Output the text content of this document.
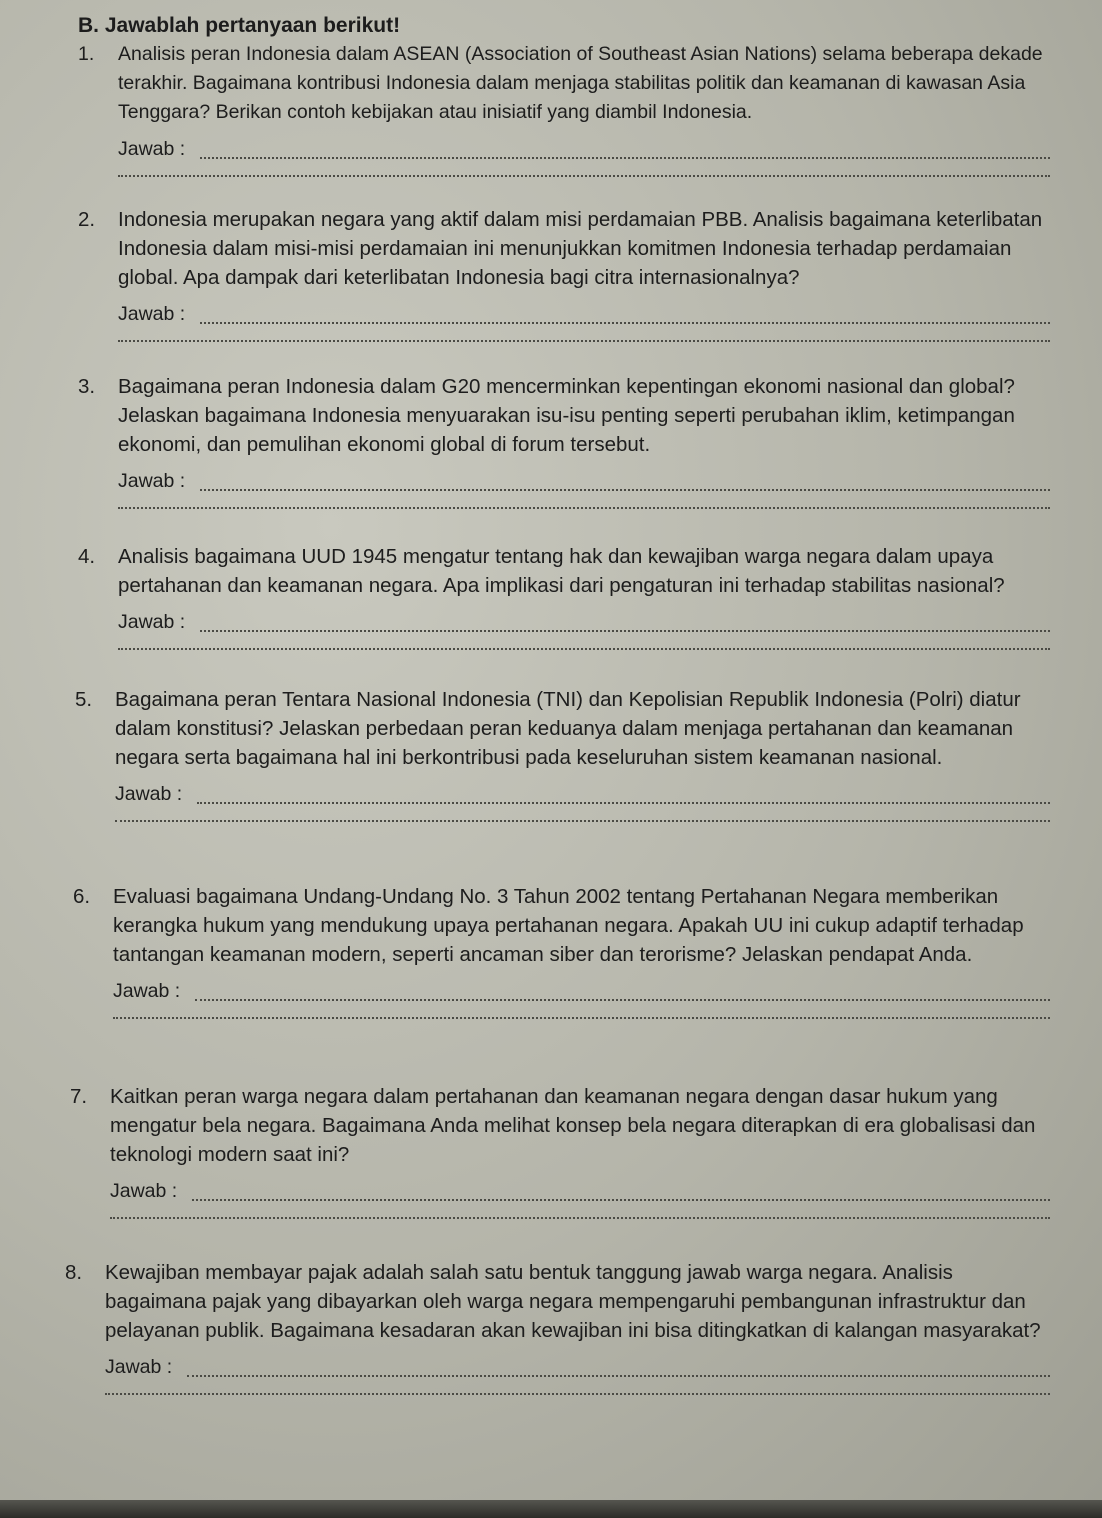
B. Jawablah pertanyaan berikut!

1. Analisis peran Indonesia dalam ASEAN (Association of Southeast Asian Nations) selama beberapa dekade terakhir. Bagaimana kontribusi Indonesia dalam menjaga stabilitas politik dan keamanan di kawasan Asia Tenggara? Berikan contoh kebijakan atau inisiatif yang diambil Indonesia.

Jawab :

2. Indonesia merupakan negara yang aktif dalam misi perdamaian PBB. Analisis bagaimana keterlibatan Indonesia dalam misi-misi perdamaian ini menunjukkan komitmen Indonesia terhadap perdamaian global. Apa dampak dari keterlibatan Indonesia bagi citra internasionalnya?

Jawab :

3. Bagaimana peran Indonesia dalam G20 mencerminkan kepentingan ekonomi nasional dan global? Jelaskan bagaimana Indonesia menyuarakan isu-isu penting seperti perubahan iklim, ketimpangan ekonomi, dan pemulihan ekonomi global di forum tersebut.

Jawab :

4. Analisis bagaimana UUD 1945 mengatur tentang hak dan kewajiban warga negara dalam upaya pertahanan dan keamanan negara. Apa implikasi dari pengaturan ini terhadap stabilitas nasional?

Jawab :

5. Bagaimana peran Tentara Nasional Indonesia (TNI) dan Kepolisian Republik Indonesia (Polri) diatur dalam konstitusi? Jelaskan perbedaan peran keduanya dalam menjaga pertahanan dan keamanan negara serta bagaimana hal ini berkontribusi pada keseluruhan sistem keamanan nasional.

Jawab :

6. Evaluasi bagaimana Undang-Undang No. 3 Tahun 2002 tentang Pertahanan Negara memberikan kerangka hukum yang mendukung upaya pertahanan negara. Apakah UU ini cukup adaptif terhadap tantangan keamanan modern, seperti ancaman siber dan terorisme? Jelaskan pendapat Anda.

Jawab :

7. Kaitkan peran warga negara dalam pertahanan dan keamanan negara dengan dasar hukum yang mengatur bela negara. Bagaimana Anda melihat konsep bela negara diterapkan di era globalisasi dan teknologi modern saat ini?

Jawab :

8. Kewajiban membayar pajak adalah salah satu bentuk tanggung jawab warga negara. Analisis bagaimana pajak yang dibayarkan oleh warga negara mempengaruhi pembangunan infrastruktur dan pelayanan publik. Bagaimana kesadaran akan kewajiban ini bisa ditingkatkan di kalangan masyarakat?

Jawab :
